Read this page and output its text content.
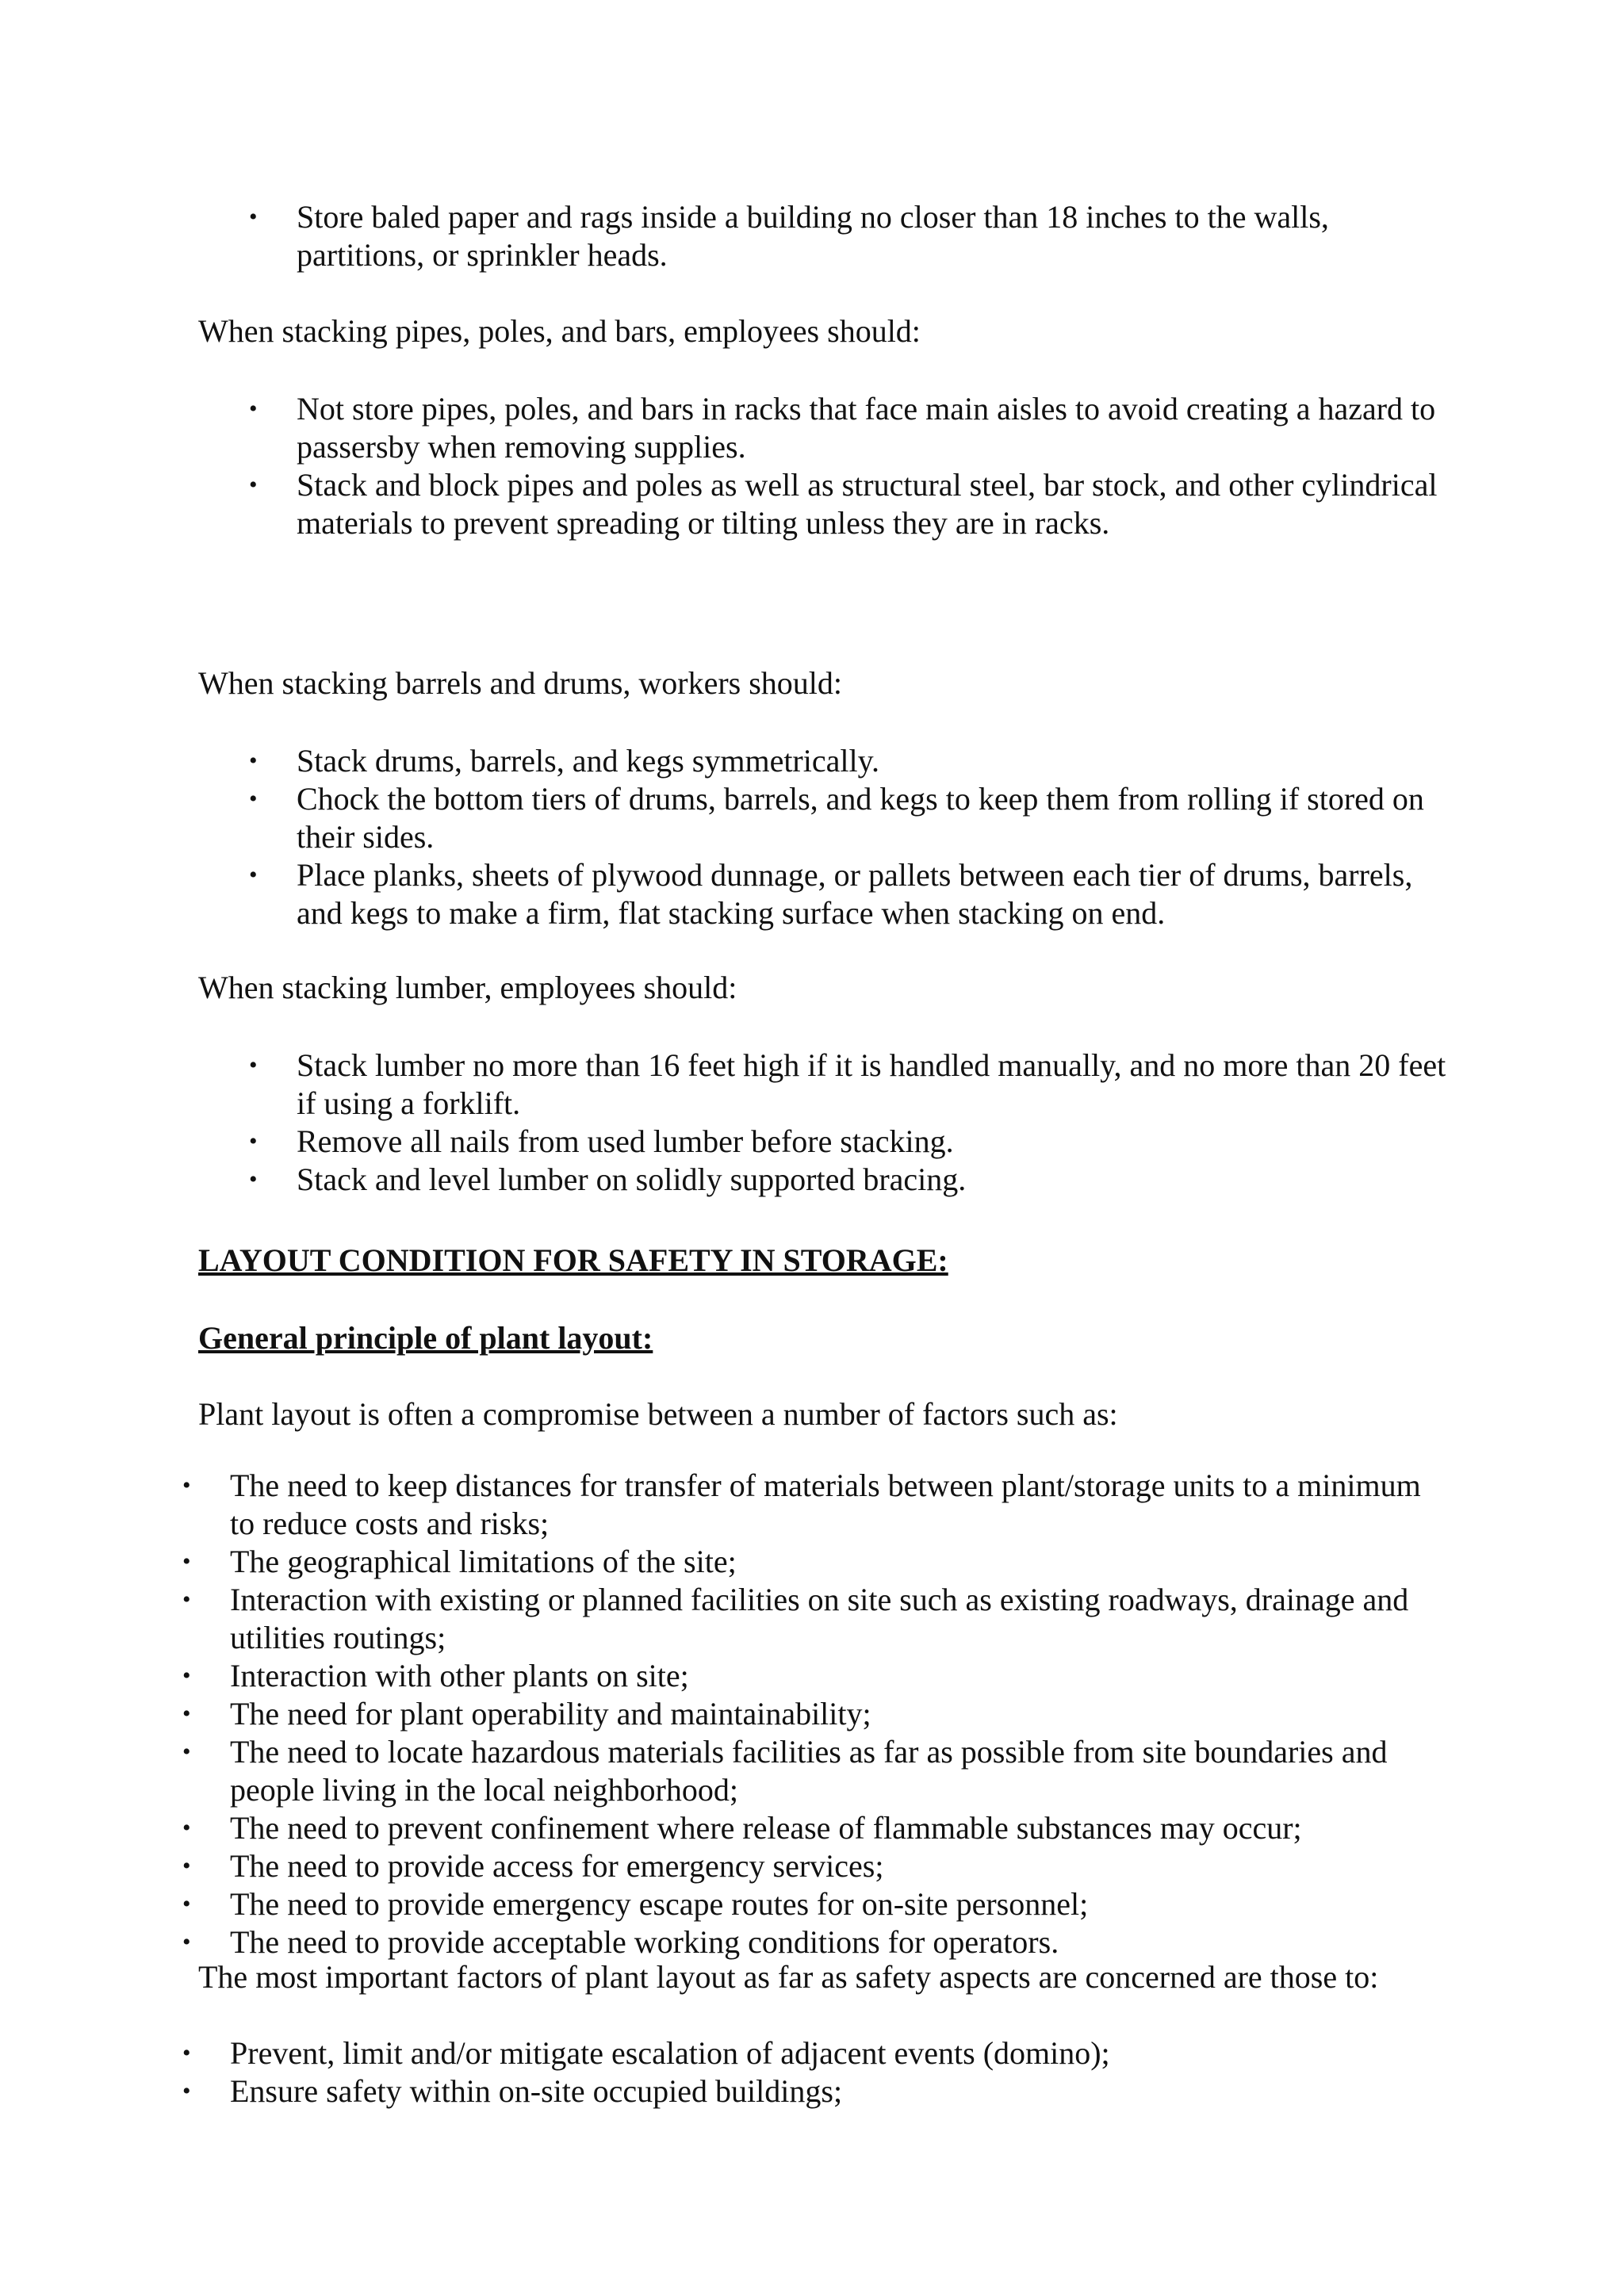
• Store baled paper and rags inside a building no closer than 18 inches to the walls, partitions, or sprinkler heads.

When stacking pipes, poles, and bars, employees should:

• Not store pipes, poles, and bars in racks that face main aisles to avoid creating a hazard to passersby when removing supplies.
• Stack and block pipes and poles as well as structural steel, bar stock, and other cylindrical materials to prevent spreading or tilting unless they are in racks.

When stacking barrels and drums, workers should:

• Stack drums, barrels, and kegs symmetrically.
• Chock the bottom tiers of drums, barrels, and kegs to keep them from rolling if stored on their sides.
• Place planks, sheets of plywood dunnage, or pallets between each tier of drums, barrels, and kegs to make a firm, flat stacking surface when stacking on end.

When stacking lumber, employees should:

• Stack lumber no more than 16 feet high if it is handled manually, and no more than 20 feet if using a forklift.
• Remove all nails from used lumber before stacking.
• Stack and level lumber on solidly supported bracing.

LAYOUT CONDITION FOR SAFETY IN STORAGE:

General principle of plant layout:

Plant layout is often a compromise between a number of factors such as:

• The need to keep distances for transfer of materials between plant/storage units to a minimum to reduce costs and risks;
• The geographical limitations of the site;
• Interaction with existing or planned facilities on site such as existing roadways, drainage and utilities routings;
• Interaction with other plants on site;
• The need for plant operability and maintainability;
• The need to locate hazardous materials facilities as far as possible from site boundaries and people living in the local neighborhood;
• The need to prevent confinement where release of flammable substances may occur;
• The need to provide access for emergency services;
• The need to provide emergency escape routes for on-site personnel;
• The need to provide acceptable working conditions for operators.

The most important factors of plant layout as far as safety aspects are concerned are those to:

• Prevent, limit and/or mitigate escalation of adjacent events (domino);
• Ensure safety within on-site occupied buildings;
